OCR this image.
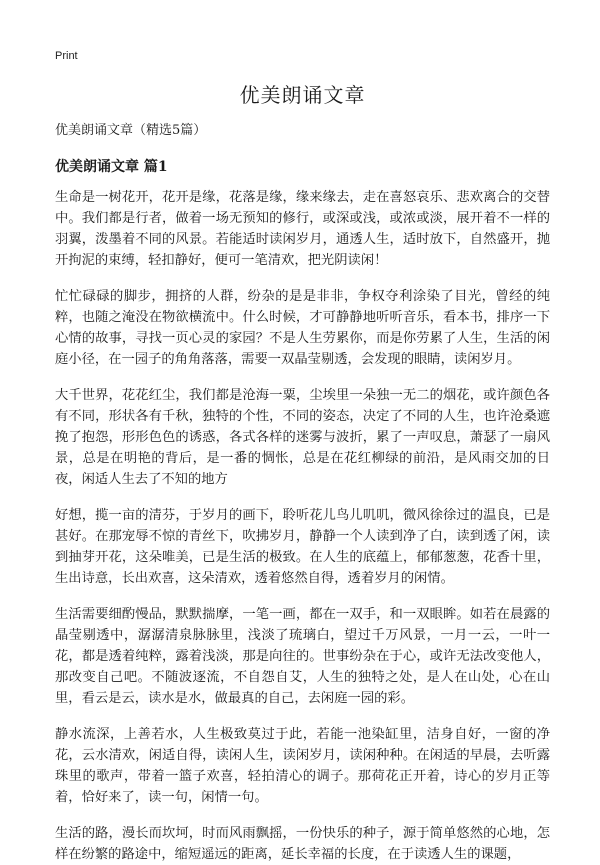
Print
优美朗诵文章

优美朗诵文章（精选5篇）

优美朗诵文章 篇1

生命是一树花开，花开是缘，花落是缘，缘来缘去，走在喜怒哀乐、悲欢离合的交替中。我们都是行者，做着一场无预知的修行，或深或浅，或浓或淡，展开着不一样的羽翼，泼墨着不同的风景。若能适时读闲岁月，通透人生，适时放下，自然盛开，抛开拘泥的束缚，轻扣静好，便可一笔清欢，把光阴读闲！

忙忙碌碌的脚步，拥挤的人群，纷杂的是是非非，争权夺利涂染了目光，曾经的纯粹，也随之淹没在物欲横流中。什么时候，才可静静地听听音乐，看本书，排序一下心情的故事，寻找一页心灵的家园？不是人生劳累你，而是你劳累了人生，生活的闲庭小径，在一园子的角角落落，需要一双晶莹剔透，会发现的眼睛，读闲岁月。

大千世界，花花红尘，我们都是沧海一粟，尘埃里一朵独一无二的烟花，或许颜色各有不同，形状各有千秋，独特的个性，不同的姿态，决定了不同的人生，也许沧桑遮挽了抱怨，形形色色的诱惑，各式各样的迷雾与波折，累了一声叹息，萧瑟了一扇风景，总是在明艳的背后，是一番的惆怅，总是在花红柳绿的前沿，是风雨交加的日夜，闲适人生去了不知的地方

好想，揽一亩的清芬，于岁月的画下，聆听花儿鸟儿叽叽，微风徐徐过的温良，已是甚好。在那宠辱不惊的青丝下，吹拂岁月，静静一个人读到净了白，读到透了闲，读到抽芽开花，这朵唯美，已是生活的极致。在人生的底蕴上，郁郁葱葱，花香十里，生出诗意，长出欢喜，这朵清欢，透着悠然自得，透着岁月的闲情。

生活需要细酌慢品，默默揣摩，一笔一画，都在一双手，和一双眼眸。如若在晨露的晶莹剔透中，潺潺清泉脉脉里，浅淡了琉璃白，望过千万风景，一月一云，一叶一花，都是透着纯粹，露着浅淡，那是向往的。世事纷杂在于心，或许无法改变他人，那改变自己吧。不随波逐流，不自怨自艾，人生的独特之处，是人在山处，心在山里，看云是云，读水是水，做最真的自己，去闲庭一园的彩。

静水流深，上善若水，人生极致莫过于此，若能一池染缸里，洁身自好，一窗的净花，云水清欢，闲适自得，读闲人生，读闲岁月，读闲种种。在闲适的早晨，去听露珠里的歌声，带着一篮子欢喜，轻拍清心的调子。那荷花正开着，诗心的岁月正等着，恰好来了，读一句，闲情一句。

生活的路，漫长而坎坷，时而风雨飘摇，一份快乐的种子，源于简单悠然的心地，怎样在纷繁的路途中，缩短遥远的距离，延长幸福的长度，在于读透人生的课题，
